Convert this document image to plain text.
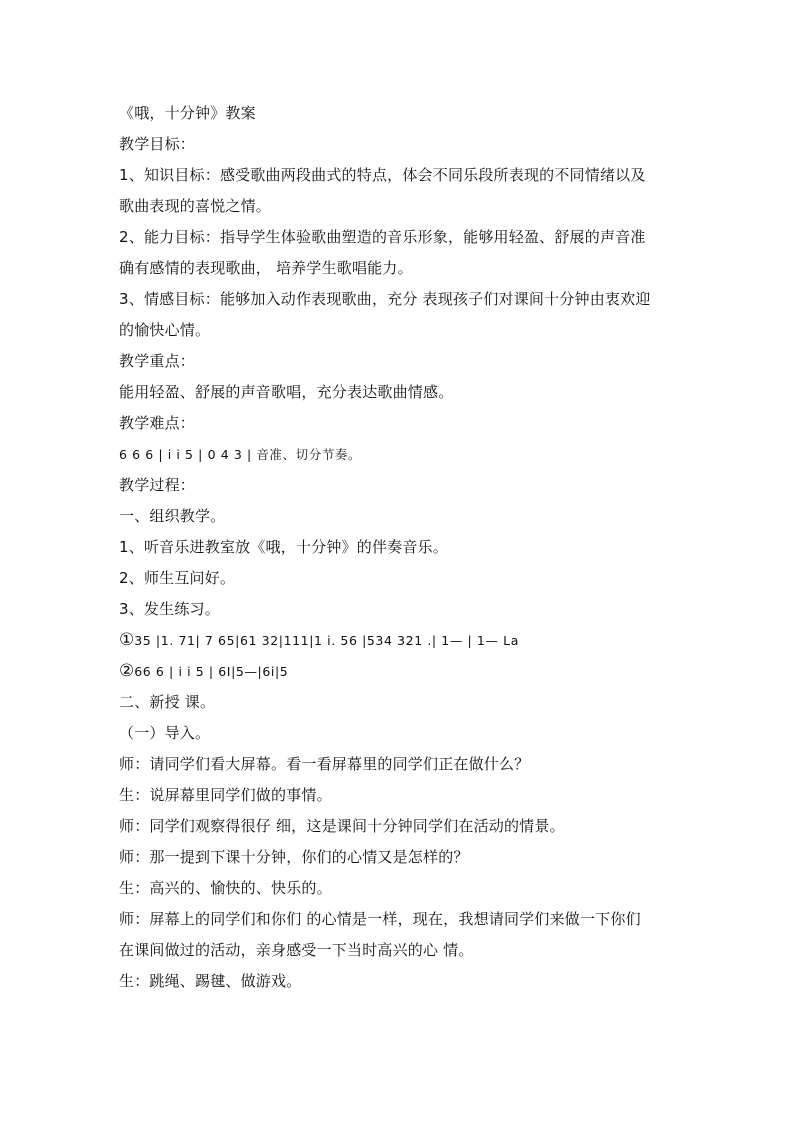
《哦，十分钟》教案
教学目标：
1、知识目标：感受歌曲两段曲式的特点，体会不同乐段所表现的不同情绪以及
歌曲表现的喜悦之情。
2、能力目标：指导学生体验歌曲塑造的音乐形象，能够用轻盈、舒展的声音准
确有感情的表现歌曲， 培养学生歌唱能力。
3、情感目标：能够加入动作表现歌曲，充分 表现孩子们对课间十分钟由衷欢迎
的愉快心情。
教学重点：
能用轻盈、舒展的声音歌唱，充分表达歌曲情感。
教学难点：
6 6 6 | i i 5 | 0 4 3 | 音准、切分节奏。
教学过程：
一、组织教学。
1、听音乐进教室放《哦，十分钟》的伴奏音乐。
2、师生互问好。
3、发生练习。
①35 |1. 71| 7 65|61 32|111|1 i. 56 |534 321 .| 1— | 1— La
②66 6 | i i 5 | 6I|5—|6i|5
二、新授 课。
（一）导入。
师：请同学们看大屏幕。看一看屏幕里的同学们正在做什么？
生：说屏幕里同学们做的事情。
师：同学们观察得很仔 细，这是课间十分钟同学们在活动的情景。
师：那一提到下课十分钟，你们的心情又是怎样的？
生：高兴的、愉快的、快乐的。
师：屏幕上的同学们和你们 的心情是一样，现在，我想请同学们来做一下你们
在课间做过的活动，亲身感受一下当时高兴的心 情。
生：跳绳、踢毽、做游戏。
